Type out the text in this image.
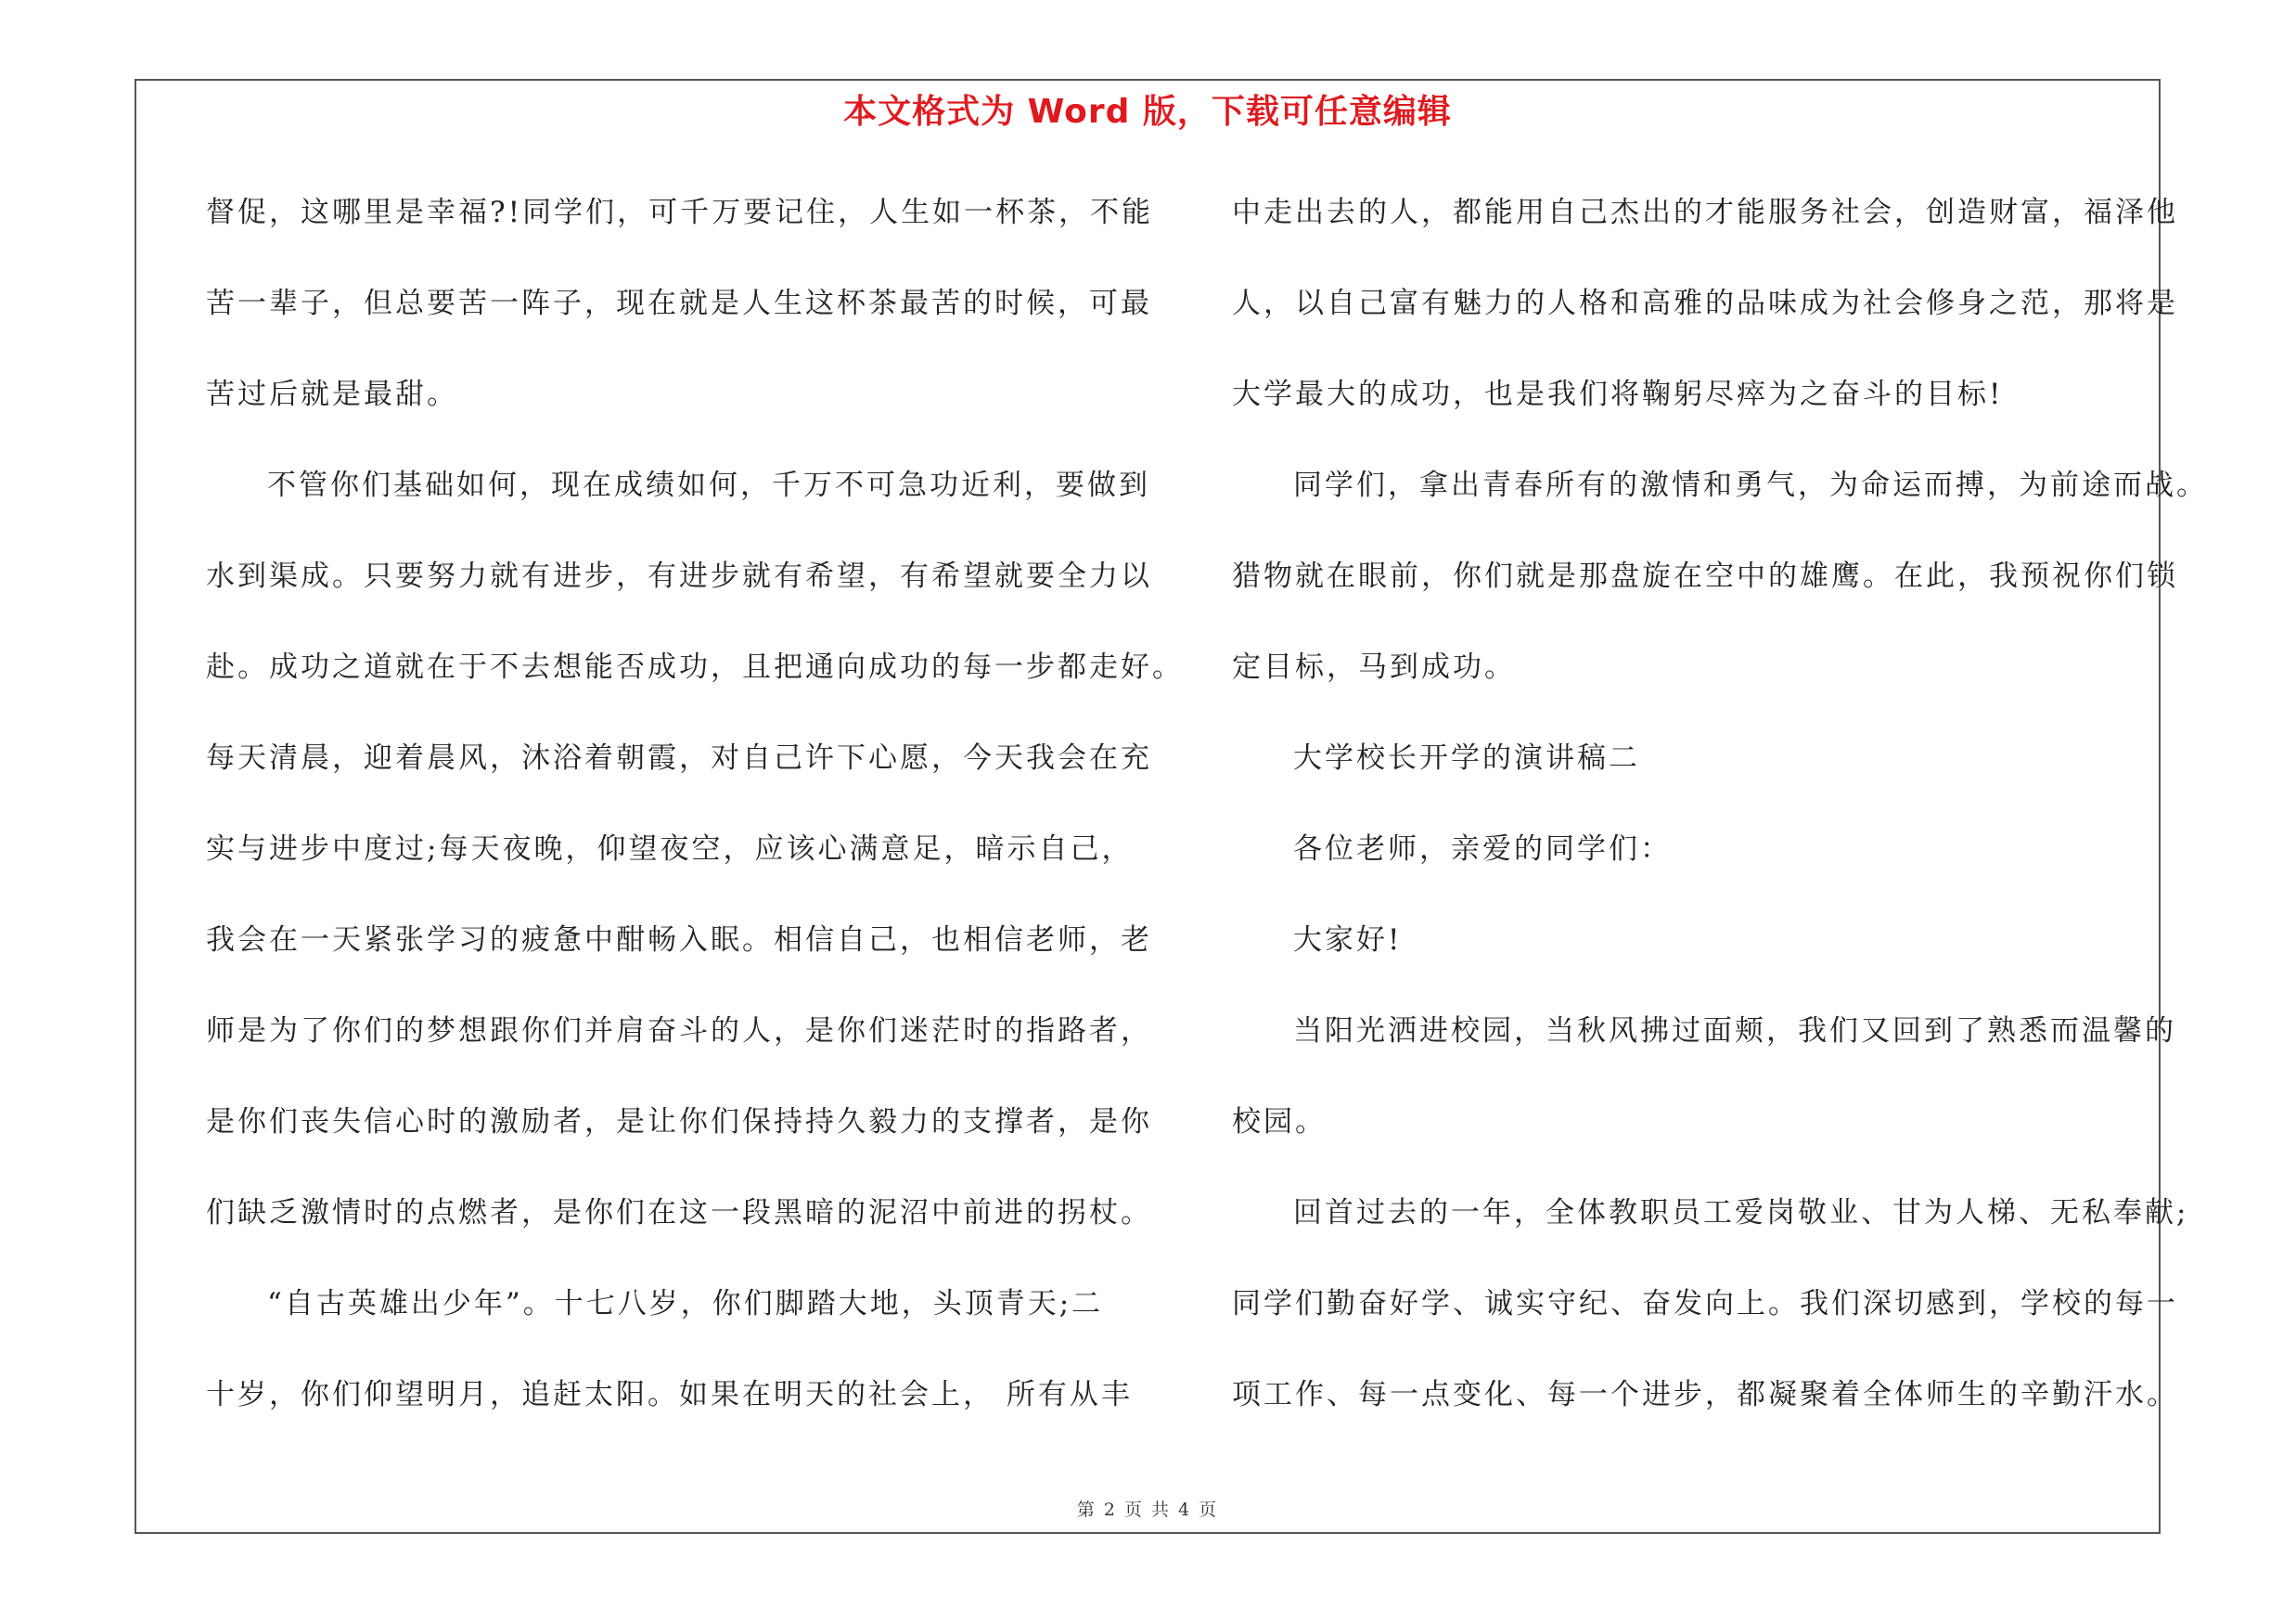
本文格式为 Word 版，下载可任意编辑
督促，这哪里是幸福?!同学们，可千万要记住，人生如一杯茶，不能
苦一辈子，但总要苦一阵子，现在就是人生这杯茶最苦的时候，可最
苦过后就是最甜。
不管你们基础如何，现在成绩如何，千万不可急功近利，要做到
水到渠成。只要努力就有进步，有进步就有希望，有希望就要全力以
赴。成功之道就在于不去想能否成功，且把通向成功的每一步都走好。
每天清晨，迎着晨风，沐浴着朝霞，对自己许下心愿，今天我会在充
实与进步中度过;每天夜晚，仰望夜空，应该心满意足，暗示自己，
我会在一天紧张学习的疲惫中酣畅入眠。相信自己，也相信老师，老
师是为了你们的梦想跟你们并肩奋斗的人，是你们迷茫时的指路者，
是你们丧失信心时的激励者，是让你们保持持久毅力的支撑者，是你
们缺乏激情时的点燃者，是你们在这一段黑暗的泥沼中前进的拐杖。
“自古英雄出少年”。十七八岁，你们脚踏大地，头顶青天;二
十岁，你们仰望明月，追赶太阳。如果在明天的社会上， 所有从丰
中走出去的人，都能用自己杰出的才能服务社会，创造财富，福泽他
人，以自己富有魅力的人格和高雅的品味成为社会修身之范，那将是
大学最大的成功，也是我们将鞠躬尽瘁为之奋斗的目标!
同学们，拿出青春所有的激情和勇气，为命运而搏，为前途而战。
猎物就在眼前，你们就是那盘旋在空中的雄鹰。在此，我预祝你们锁
定目标，马到成功。
大学校长开学的演讲稿二
各位老师，亲爱的同学们：
大家好!
当阳光洒进校园，当秋风拂过面颊，我们又回到了熟悉而温馨的
校园。
回首过去的一年，全体教职员工爱岗敬业、甘为人梯、无私奉献;
同学们勤奋好学、诚实守纪、奋发向上。我们深切感到，学校的每一
项工作、每一点变化、每一个进步，都凝聚着全体师生的辛勤汗水。
第 2 页 共 4 页
